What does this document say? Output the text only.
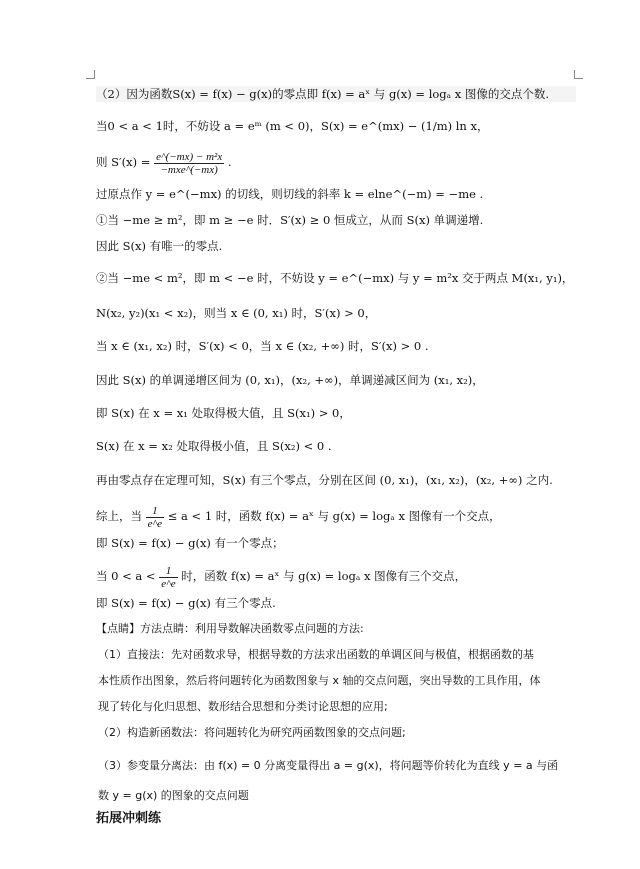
（2）因为函数S(x) = f(x) − g(x)的零点即 f(x) = aˣ 与 g(x) = logₐ x 图像的交点个数.
当0 < a < 1时，不妨设 a = eᵐ (m < 0)，S(x) = e^(mx) − (1/m) ln x，
则 $S'(x) = \frac{\text{e\textasciicircum{}(−mx) − m²x}}{\text{−mxe\textasciicircum{}(−mx)}}$ .
过原点作 y = e^(−mx) 的切线，则切线的斜率 k = elne^(−m) = −me .
①当 −me ≥ m²，即 m ≥ −e 时．S′(x) ≥ 0 恒成立，从而 S(x) 单调递增.
因此 S(x) 有唯一的零点.
②当 −me < m²，即 m < −e 时，不妨设 y = e^(−mx) 与 y = m²x 交于两点 M(x₁, y₁)，
N(x₂, y₂)(x₁ < x₂)，则当 x ∈ (0, x₁) 时，S′(x) > 0，
当 x ∈ (x₁, x₂) 时，S′(x) < 0，当 x ∈ (x₂, +∞) 时，S′(x) > 0 .
因此 S(x) 的单调递增区间为 (0, x₁)，(x₂, +∞)，单调递减区间为 (x₁, x₂)，
即 S(x) 在 x = x₁ 处取得极大值，且 S(x₁) > 0，
S(x) 在 x = x₂ 处取得极小值，且 S(x₂) < 0 .
再由零点存在定理可知，S(x) 有三个零点，分别在区间 (0, x₁)，(x₁, x₂)，(x₂, +∞) 之内.
综上，当 $\frac{1}{e\^{}e} \le a < 1$ 时，函数 f(x) = aˣ 与 g(x) = logₐ x 图像有一个交点，
即 S(x) = f(x) − g(x) 有一个零点；
当 $0 < a < \frac{1}{e\^{}e}$ 时，函数 f(x) = aˣ 与 g(x) = logₐ x 图像有三个交点，
即 S(x) = f(x) − g(x) 有三个零点.
【点睛】方法点睛：利用导数解决函数零点问题的方法:
（1）直接法：先对函数求导，根据导数的方法求出函数的单调区间与极值，根据函数的基
本性质作出图象，然后将问题转化为函数图象与 x 轴的交点问题，突出导数的工具作用，体
现了转化与化归思想、数形结合思想和分类讨论思想的应用;
（2）构造新函数法：将问题转化为研究两函数图象的交点问题;
（3）参变量分离法：由 f(x) = 0 分离变量得出 a = g(x)，将问题等价转化为直线 y = a 与函
数 y = g(x) 的图象的交点问题
拓展冲刺练
